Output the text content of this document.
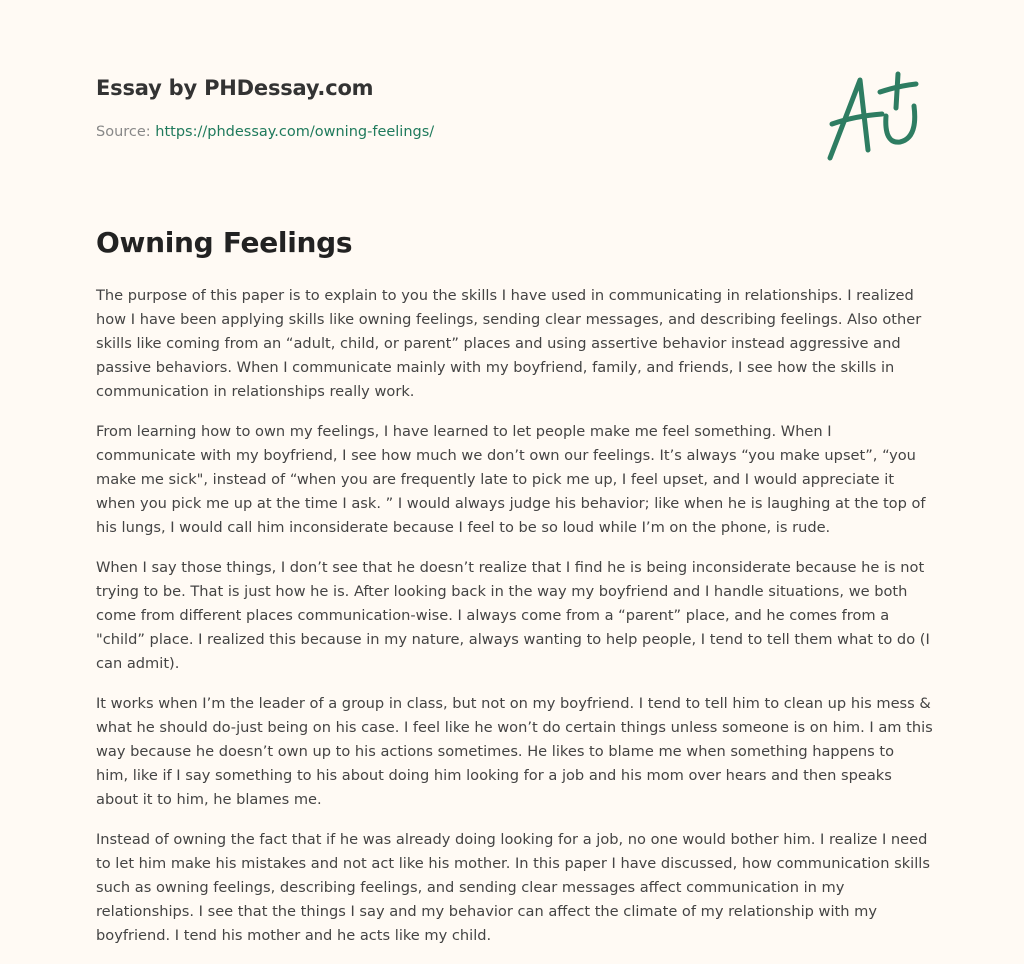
Essay by PHDessay.com
Source: https://phdessay.com/owning-feelings/
Owning Feelings

The purpose of this paper is to explain to you the skills I have used in communicating in relationships. I realized
how I have been applying skills like owning feelings, sending clear messages, and describing feelings. Also other
skills like coming from an “adult, child, or parent” places and using assertive behavior instead aggressive and
passive behaviors. When I communicate mainly with my boyfriend, family, and friends, I see how the skills in
communication in relationships really work.

From learning how to own my feelings, I have learned to let people make me feel something. When I
communicate with my boyfriend, I see how much we don’t own our feelings. It’s always “you make upset”, “you
make me sick", instead of “when you are frequently late to pick me up, I feel upset, and I would appreciate it
when you pick me up at the time I ask. ” I would always judge his behavior; like when he is laughing at the top of
his lungs, I would call him inconsiderate because I feel to be so loud while I’m on the phone, is rude.

When I say those things, I don’t see that he doesn’t realize that I find he is being inconsiderate because he is not
trying to be. That is just how he is. After looking back in the way my boyfriend and I handle situations, we both
come from different places communication-wise. I always come from a “parent” place, and he comes from a
"child” place. I realized this because in my nature, always wanting to help people, I tend to tell them what to do (I
can admit).

It works when I’m the leader of a group in class, but not on my boyfriend. I tend to tell him to clean up his mess &
what he should do-just being on his case. I feel like he won’t do certain things unless someone is on him. I am this
way because he doesn’t own up to his actions sometimes. He likes to blame me when something happens to
him, like if I say something to his about doing him looking for a job and his mom over hears and then speaks
about it to him, he blames me.

Instead of owning the fact that if he was already doing looking for a job, no one would bother him. I realize I need
to let him make his mistakes and not act like his mother. In this paper I have discussed, how communication skills
such as owning feelings, describing feelings, and sending clear messages affect communication in my
relationships. I see that the things I say and my behavior can affect the climate of my relationship with my
boyfriend. I tend his mother and he acts like my child.
